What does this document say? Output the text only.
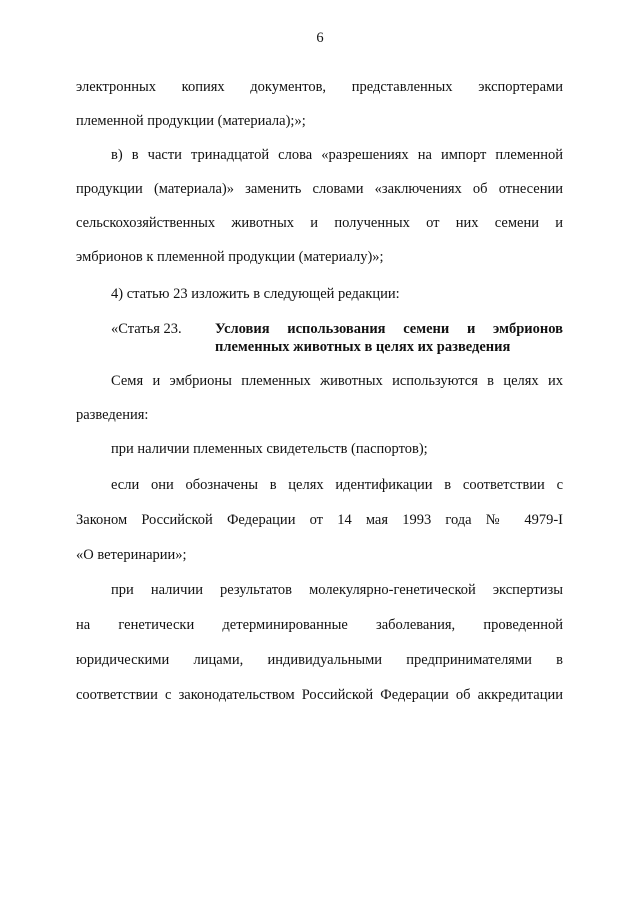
6
электронных копиях документов, представленных экспортерами
племенной продукции (материала);»;
в) в части тринадцатой слова «разрешениях на импорт племенной
продукции (материала)» заменить словами «заключениях об отнесении
сельскохозяйственных животных и полученных от них семени и
эмбрионов к племенной продукции (материалу)»;
4) статью 23 изложить в следующей редакции:
«Статья 23. Условия использования семени и эмбрионов
племенных животных в целях их разведения
Семя и эмбрионы племенных животных используются в целях их
разведения:
при наличии племенных свидетельств (паспортов);
если они обозначены в целях идентификации в соответствии с
Законом Российской Федерации от 14 мая 1993 года № 4979-I
«О ветеринарии»;
при наличии результатов молекулярно-генетической экспертизы
на генетически детерминированные заболевания, проведенной
юридическими лицами, индивидуальными предпринимателями в
соответствии с законодательством Российской Федерации об аккредитации
